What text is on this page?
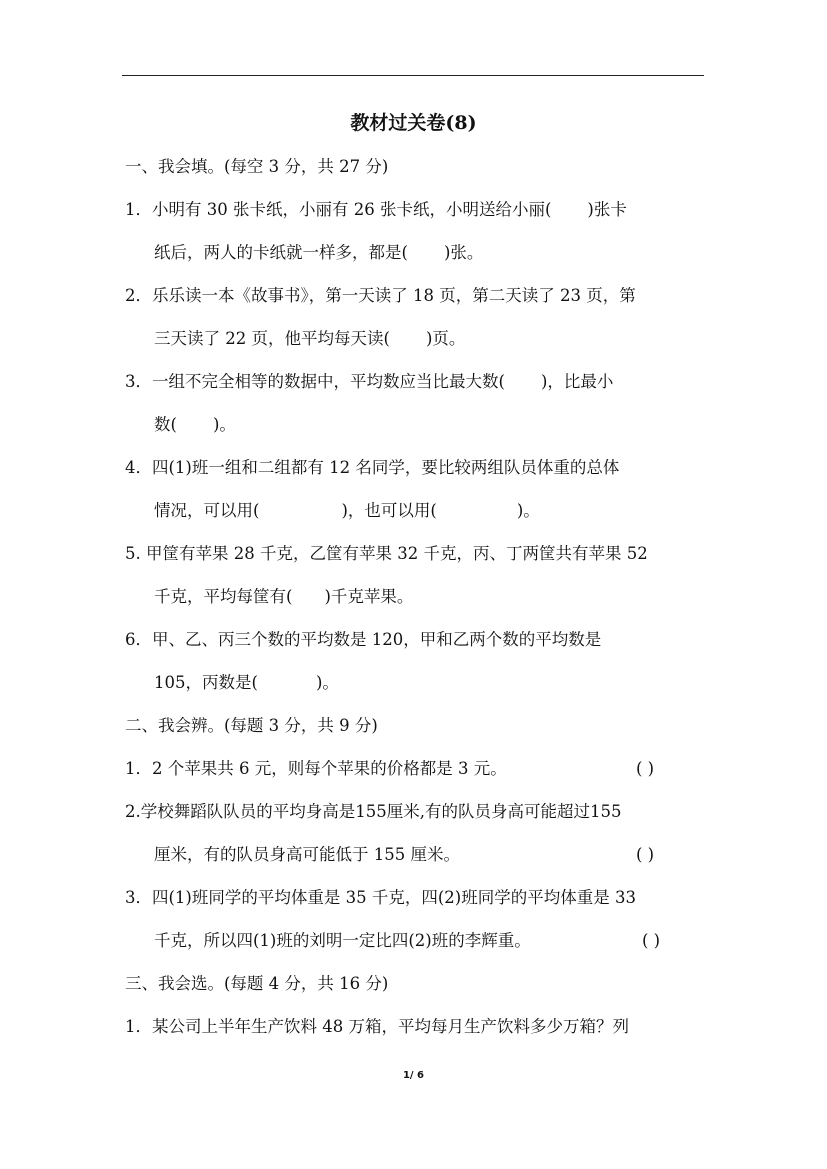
教材过关卷(8)
一、我会填。(每空 3 分，共 27 分)
1．小明有 30 张卡纸，小丽有 26 张卡纸，小明送给小丽( )张卡
纸后，两人的卡纸就一样多，都是( )张。
2．乐乐读一本《故事书》，第一天读了 18 页，第二天读了 23 页，第
三天读了 22 页，他平均每天读( )页。
3．一组不完全相等的数据中，平均数应当比最大数( )，比最小
数( )。
4．四(1)班一组和二组都有 12 名同学，要比较两组队员体重的总体
情况，可以用(	)，也可以用(	)。
5. 甲筐有苹果 28 千克，乙筐有苹果 32 千克，丙、丁两筐共有苹果 52
千克，平均每筐有( )千克苹果。
6．甲、乙、丙三个数的平均数是 120，甲和乙两个数的平均数是
105，丙数是(	)。
二、我会辨。(每题 3 分，共 9 分)
1．2 个苹果共 6 元，则每个苹果的价格都是 3 元。	( )
2.学校舞蹈队队员的平均身高是155厘米,有的队员身高可能超过155
厘米，有的队员身高可能低于 155 厘米。	( )
3．四(1)班同学的平均体重是 35 千克，四(2)班同学的平均体重是 33
千克，所以四(1)班的刘明一定比四(2)班的李辉重。	( )
三、我会选。(每题 4 分，共 16 分)
1．某公司上半年生产饮料 48 万箱，平均每月生产饮料多少万箱？列
1/ 6
